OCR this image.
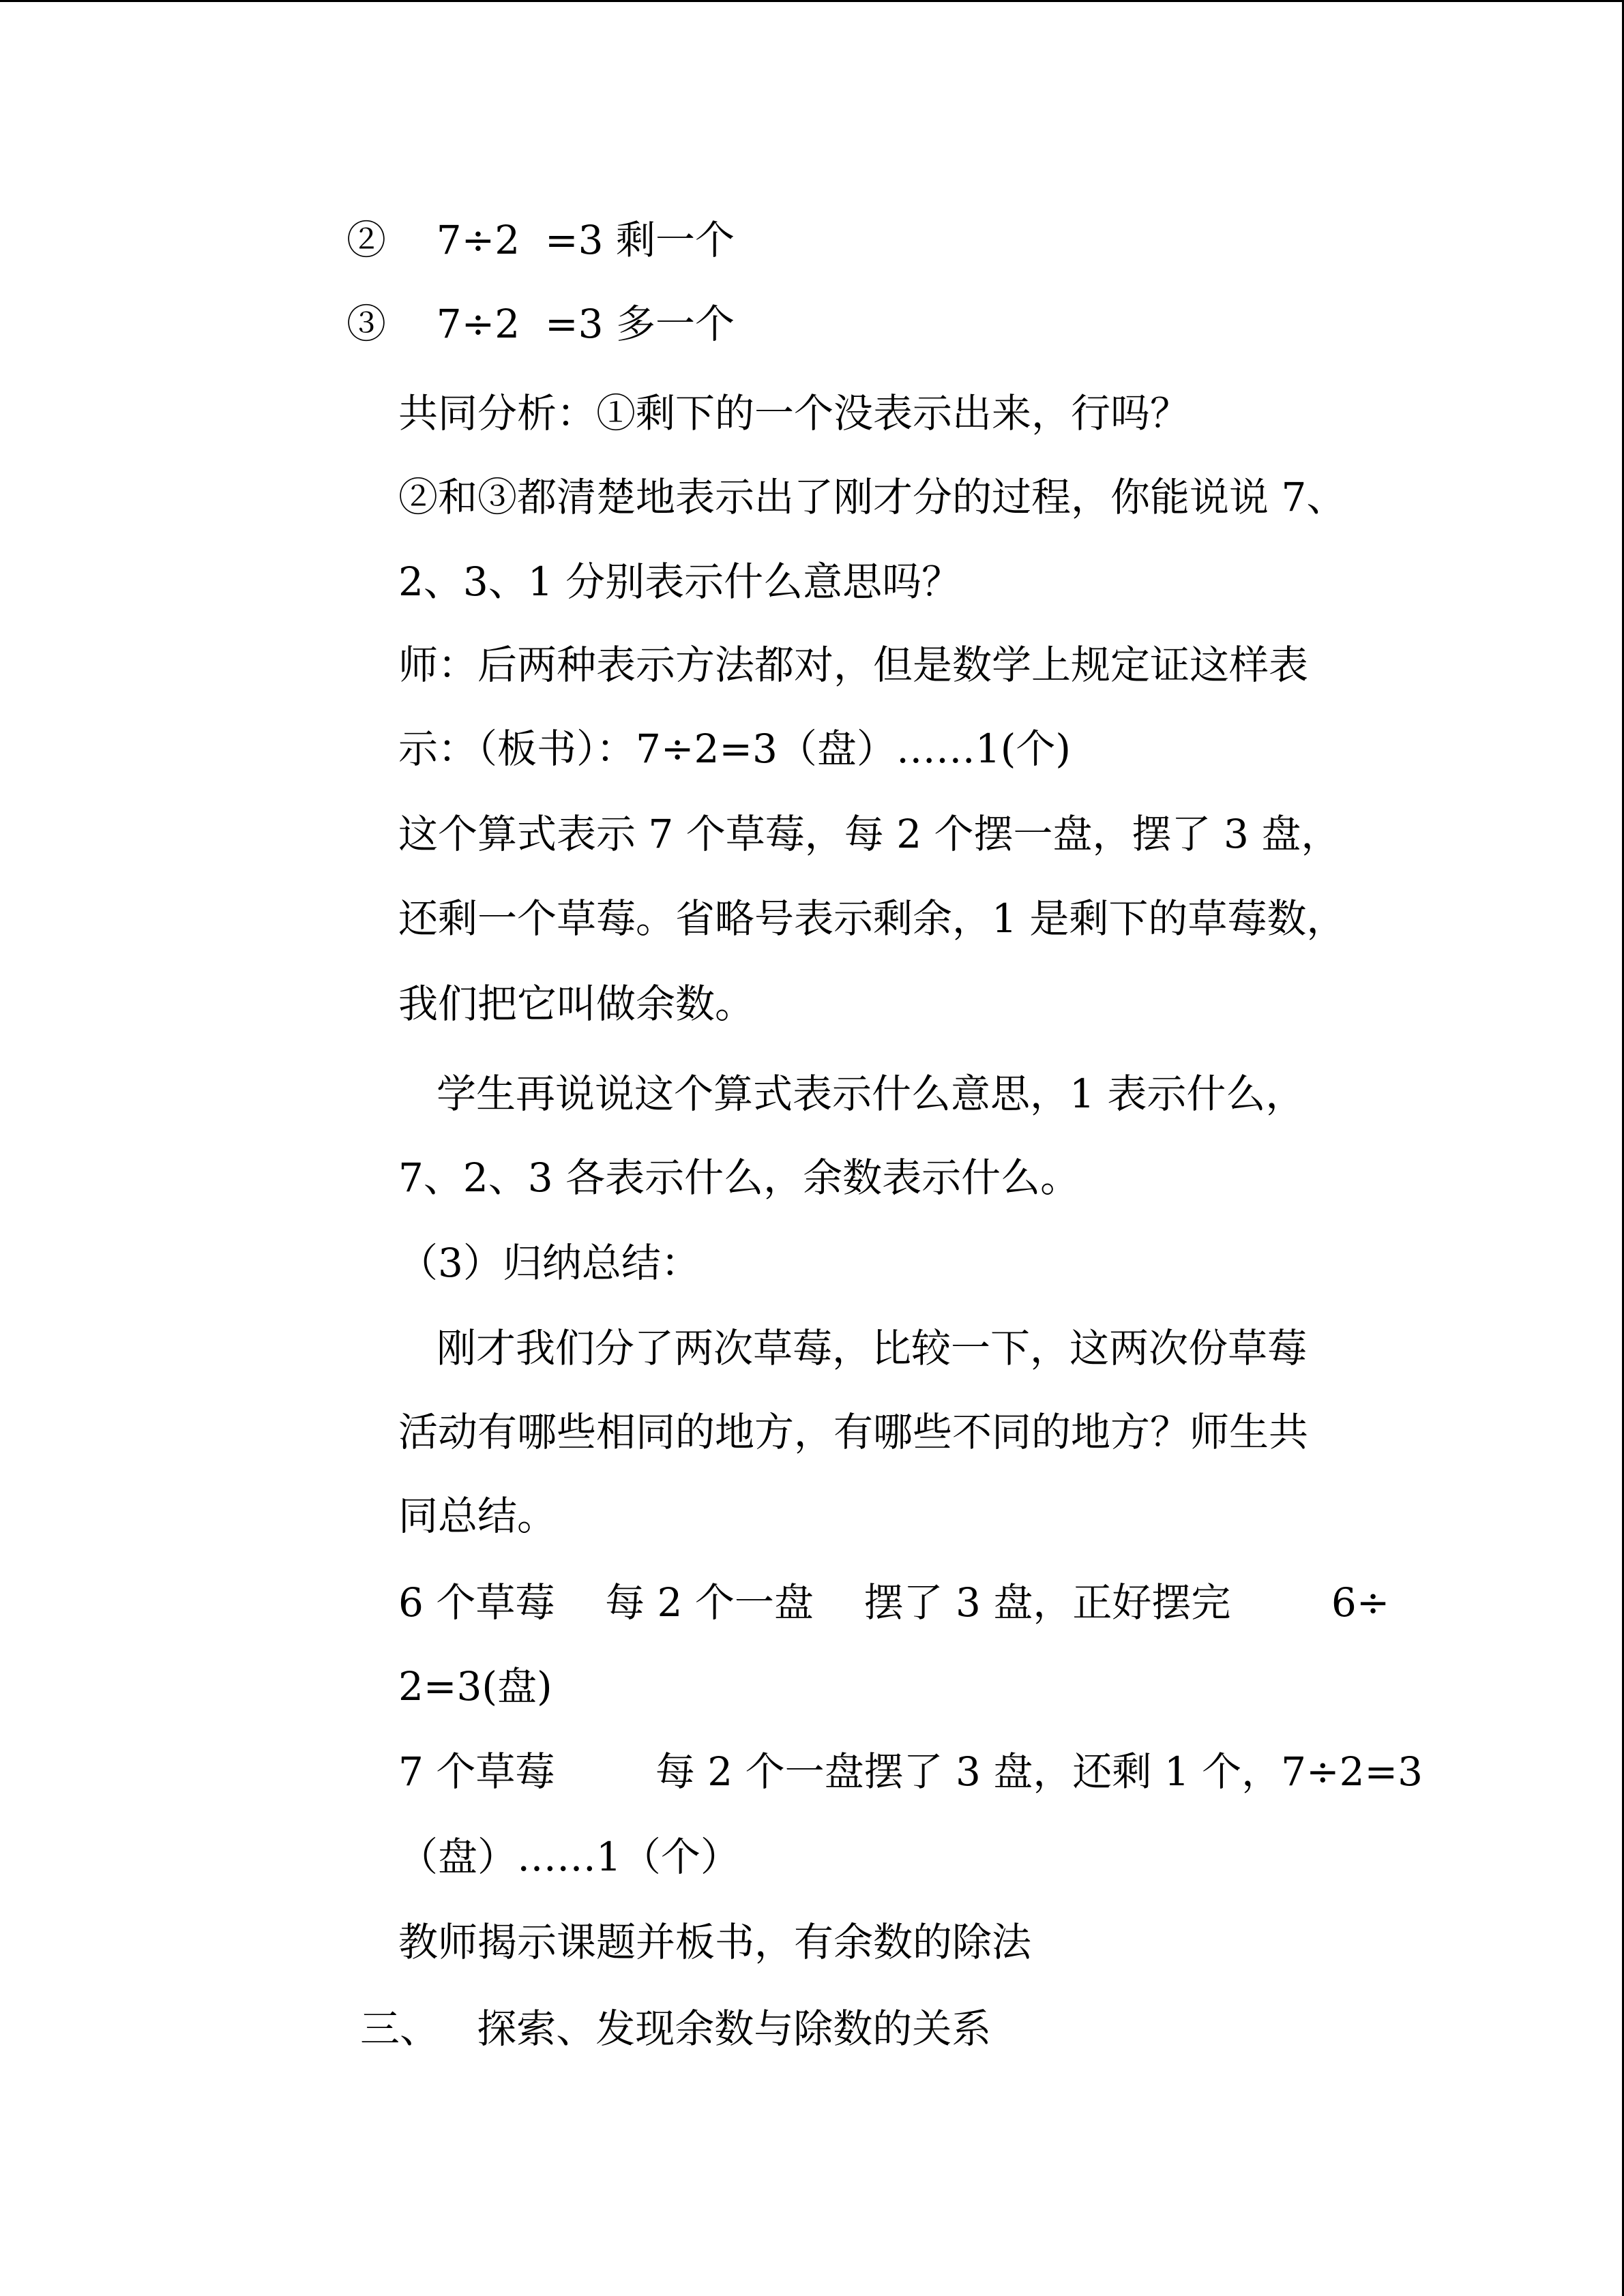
②    7÷2  =3 剩一个
③    7÷2  =3 多一个
共同分析：①剩下的一个没表示出来，行吗？
②和③都清楚地表示出了刚才分的过程，你能说说 7、
2、3、1 分别表示什么意思吗？
师：后两种表示方法都对，但是数学上规定证这样表
示：（板书）：7÷2=3（盘）……1(个)
这个算式表示 7 个草莓，每 2 个摆一盘，摆了 3 盘，
还剩一个草莓。省略号表示剩余，1 是剩下的草莓数，
我们把它叫做余数。
学生再说说这个算式表示什么意思，1 表示什么，
7、2、3 各表示什么，余数表示什么。
（3）归纳总结：
刚才我们分了两次草莓，比较一下，这两次份草莓
活动有哪些相同的地方，有哪些不同的地方？师生共
同总结。
6 个草莓    每 2 个一盘    摆了 3 盘，正好摆完        6÷
2=3(盘)
7 个草莓        每 2 个一盘摆了 3 盘，还剩 1 个，7÷2=3
（盘）……1（个）
教师揭示课题并板书，有余数的除法
三、   探索、发现余数与除数的关系
